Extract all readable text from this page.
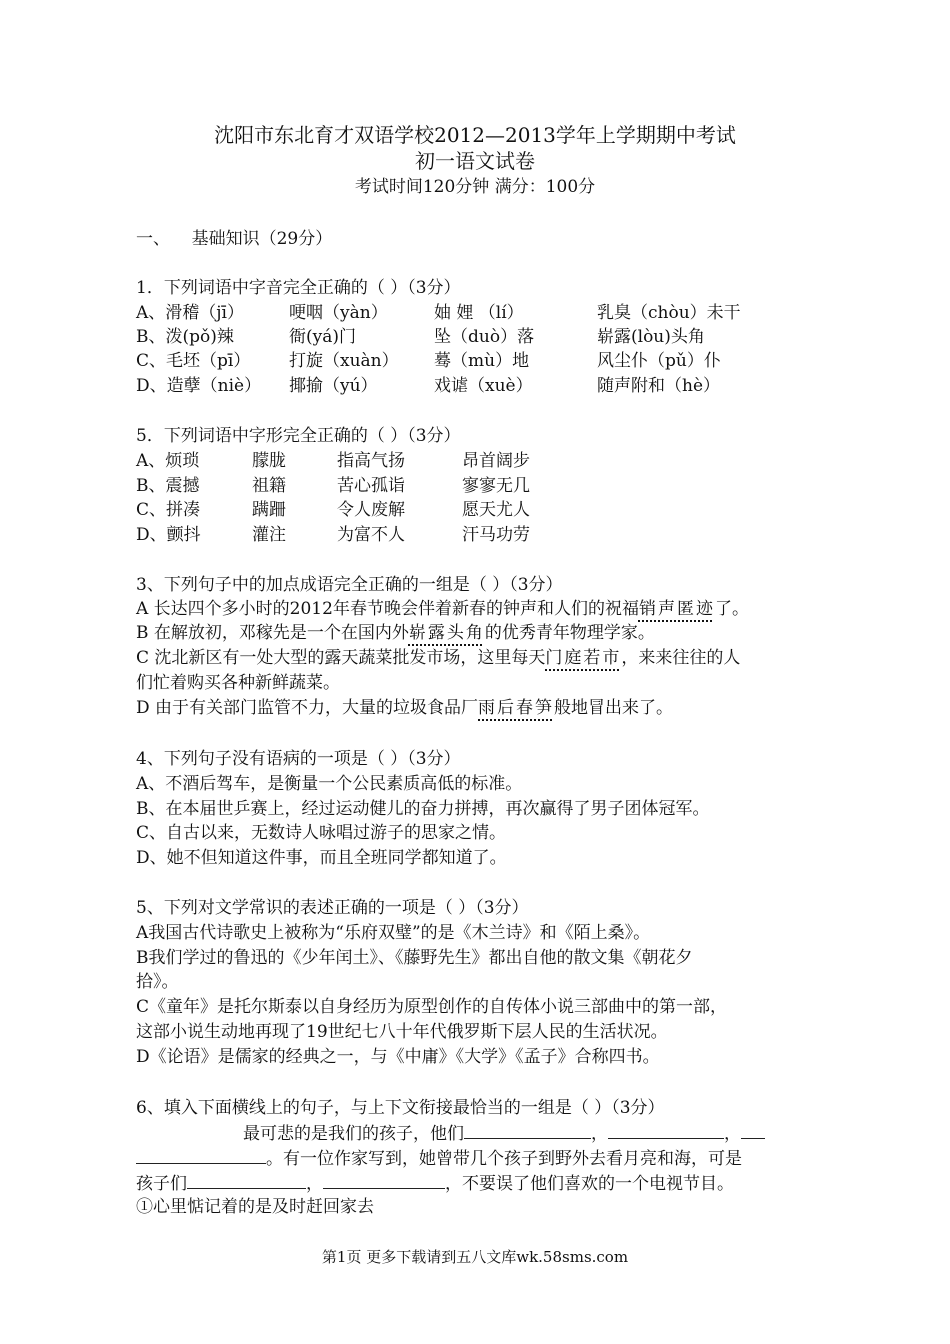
沈阳市东北育才双语学校2012—2013学年上学期期中考试
初一语文试卷
考试时间120分钟 满分：100分
一、    基础知识（29分）
1．下列词语中字音完全正确的（ ）（3分）
A、滑稽（jī）	哽咽（yàn）	妯 娌 （lí）	乳臭（chòu）未干
B、泼(pǒ)辣	衙(yá)门	坠（duò）落	崭露(lòu)头角
C、毛坯（pī） 打旋（xuàn） 蓦（mù）地	风尘仆（pǔ）仆
D、造孽（niè） 揶揄（yú）	戏谑（xuè）	随声附和（hè）
5．下列词语中字形完全正确的（ ）（3分）
A、烦琐	朦胧	指高气扬	昂首阔步
B、震撼	祖籍	苦心孤诣	寥寥无几
C、拼凑	蹒跚	令人废解	愿天尤人
D、颤抖	灌注	为富不人	汗马功劳
3、下列句子中的加点成语完全正确的一组是（ ）（3分）
A 长达四个多小时的2012年春节晚会伴着新春的钟声和人们的祝福销声匿迹了。
B 在解放初，邓稼先是一个在国内外崭露头角的优秀青年物理学家。
C 沈北新区有一处大型的露天蔬菜批发市场，这里每天门庭若市，来来往往的人
们忙着购买各种新鲜蔬菜。
D 由于有关部门监管不力，大量的垃圾食品厂雨后春笋般地冒出来了。
4、下列句子没有语病的一项是（ ）（3分）
A、不酒后驾车，是衡量一个公民素质高低的标准。
B、在本届世乒赛上，经过运动健儿的奋力拼搏，再次赢得了男子团体冠军。
C、自古以来，无数诗人咏唱过游子的思家之情。
D、她不但知道这件事，而且全班同学都知道了。
5、下列对文学常识的表述正确的一项是（ ）（3分）
A我国古代诗歌史上被称为“乐府双璧”的是《木兰诗》和《陌上桑》。
B我们学过的鲁迅的《少年闰土》、《藤野先生》都出自他的散文集《朝花夕
拾》。
C《童年》是托尔斯泰以自身经历为原型创作的自传体小说三部曲中的第一部，
这部小说生动地再现了19世纪七八十年代俄罗斯下层人民的生活状况。
D《论语》是儒家的经典之一，与《中庸》《大学》《孟子》合称四书。
6、填入下面横线上的句子，与上下文衔接最恰当的一组是（ ）（3分）
最可悲的是我们的孩子，他们	，	，
。有一位作家写到，她曾带几个孩子到野外去看月亮和海，可是
孩子们	，	，不要误了他们喜欢的一个电视节目。
①心里惦记着的是及时赶回家去
第1页 更多下载请到五八文库wk.58sms.com
